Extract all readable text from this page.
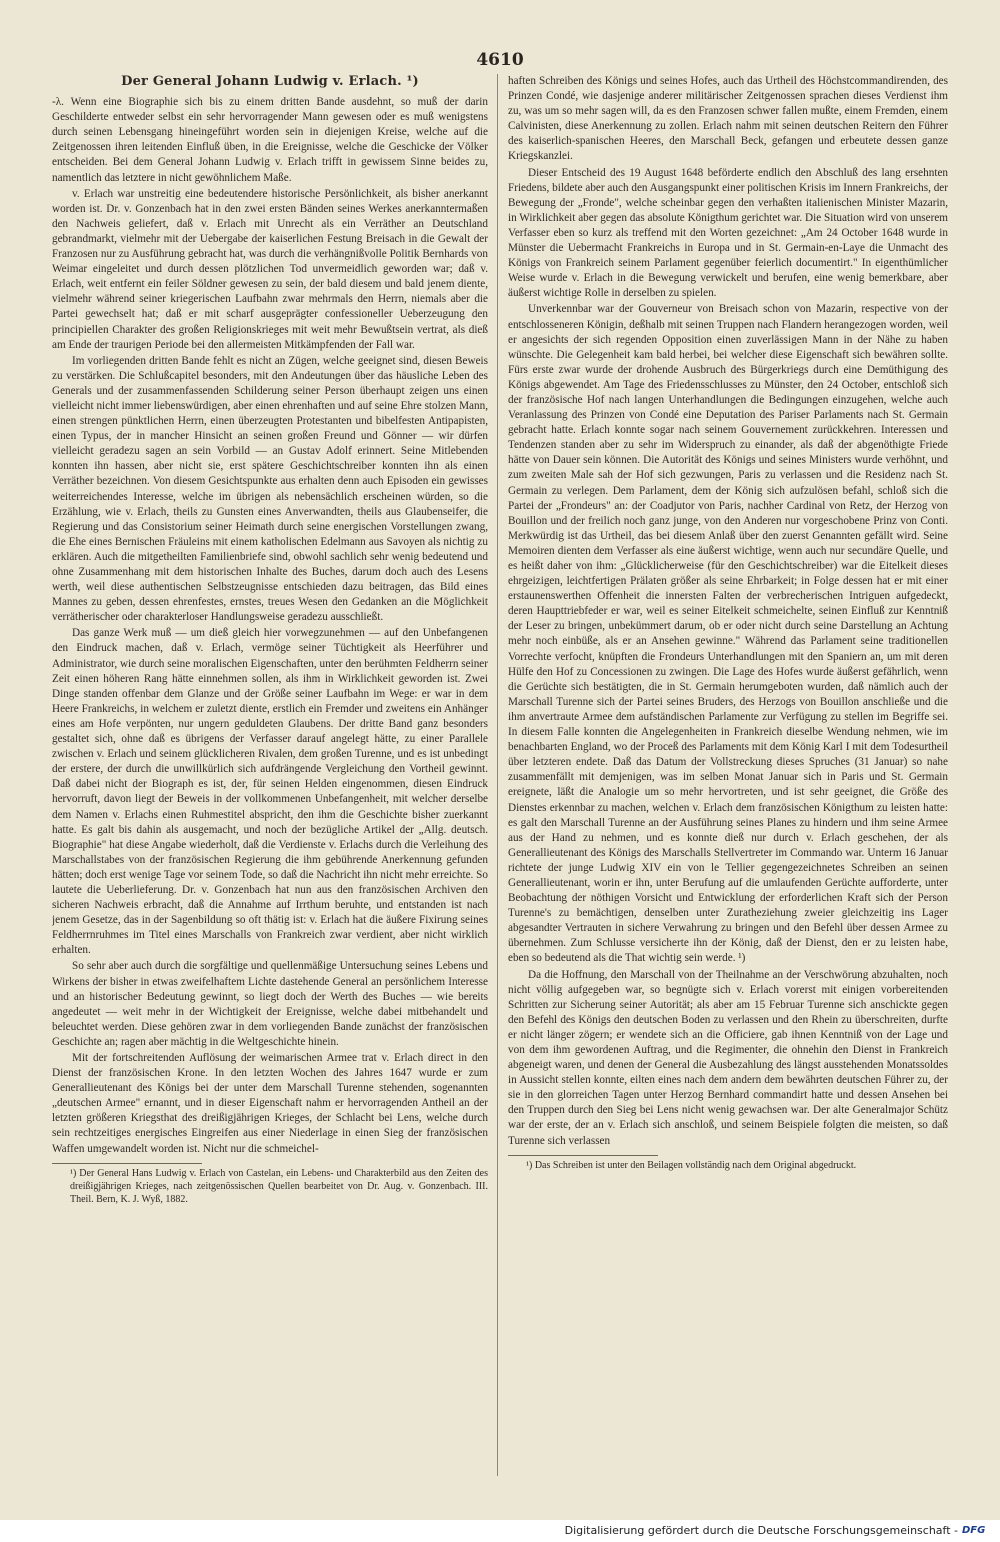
4610
Der General Johann Ludwig v. Erlach. ¹)

-λ. Wenn eine Biographie sich bis zu einem dritten Bande ausdehnt, so muß der darin Geschilderte entweder selbst ein sehr hervorragender Mann gewesen oder es muß wenigstens durch seinen Lebensgang hineingeführt worden sein in diejenigen Kreise, welche auf die Zeitgenossen ihren leitenden Einfluß üben, in die Ereignisse, welche die Geschicke der Völker entscheiden. Bei dem General Johann Ludwig v. Erlach trifft in gewissem Sinne beides zu, namentlich das letztere in nicht gewöhnlichem Maße.

v. Erlach war unstreitig eine bedeutendere historische Persönlichkeit, als bisher anerkannt worden ist. Dr. v. Gonzenbach hat in den zwei ersten Bänden seines Werkes anerkanntermaßen den Nachweis geliefert, daß v. Erlach mit Unrecht als ein Verräther an Deutschland gebrandmarkt, vielmehr mit der Uebergabe der kaiserlichen Festung Breisach in die Gewalt der Franzosen nur zu Ausführung gebracht hat, was durch die verhängnißvolle Politik Bernhards von Weimar eingeleitet und durch dessen plötzlichen Tod unvermeidlich geworden war; daß v. Erlach, weit entfernt ein feiler Söldner gewesen zu sein, der bald diesem und bald jenem diente, vielmehr während seiner kriegerischen Laufbahn zwar mehrmals den Herrn, niemals aber die Partei gewechselt hat; daß er mit scharf ausgeprägter confessioneller Ueberzeugung den principiellen Charakter des großen Religionskrieges mit weit mehr Bewußtsein vertrat, als dieß am Ende der traurigen Periode bei den allermeisten Mitkämpfenden der Fall war.

Im vorliegenden dritten Bande fehlt es nicht an Zügen, welche geeignet sind, diesen Beweis zu verstärken. Die Schlußcapitel besonders, mit den Andeutungen über das häusliche Leben des Generals und der zusammenfassenden Schilderung seiner Person überhaupt zeigen uns einen vielleicht nicht immer liebenswürdigen, aber einen ehrenhaften und auf seine Ehre stolzen Mann, einen strengen pünktlichen Herrn, einen überzeugten Protestanten und bibelfesten Antipapisten, einen Typus, der in mancher Hinsicht an seinen großen Freund und Gönner — wir dürfen vielleicht geradezu sagen an sein Vorbild — an Gustav Adolf erinnert. Seine Mitlebenden konnten ihn hassen, aber nicht sie, erst spätere Geschichtschreiber konnten ihn als einen Verräther bezeichnen. Von diesem Gesichtspunkte aus erhalten denn auch Episoden ein gewisses weiterreichendes Interesse, welche im übrigen als nebensächlich erscheinen würden, so die Erzählung, wie v. Erlach, theils zu Gunsten eines Anverwandten, theils aus Glaubenseifer, die Regierung und das Consistorium seiner Heimath durch seine energischen Vorstellungen zwang, die Ehe eines Bernischen Fräuleins mit einem katholischen Edelmann aus Savoyen als nichtig zu erklären. Auch die mitgetheilten Familienbriefe sind, obwohl sachlich sehr wenig bedeutend und ohne Zusammenhang mit dem historischen Inhalte des Buches, darum doch auch des Lesens werth, weil diese authentischen Selbstzeugnisse entschieden dazu beitragen, das Bild eines Mannes zu geben, dessen ehrenfestes, ernstes, treues Wesen den Gedanken an die Möglichkeit verrätherischer oder charakterloser Handlungsweise geradezu ausschließt.

Das ganze Werk muß — um dieß gleich hier vorwegzunehmen — auf den Unbefangenen den Eindruck machen, daß v. Erlach, vermöge seiner Tüchtigkeit als Heerführer und Administrator, wie durch seine moralischen Eigenschaften, unter den berühmten Feldherrn seiner Zeit einen höheren Rang hätte einnehmen sollen, als ihm in Wirklichkeit geworden ist. Zwei Dinge standen offenbar dem Glanze und der Größe seiner Laufbahn im Wege: er war in dem Heere Frankreichs, in welchem er zuletzt diente, erstlich ein Fremder und zweitens ein Anhänger eines am Hofe verpönten, nur ungern geduldeten Glaubens. Der dritte Band ganz besonders gestaltet sich, ohne daß es übrigens der Verfasser darauf angelegt hätte, zu einer Parallele zwischen v. Erlach und seinem glücklicheren Rivalen, dem großen Turenne, und es ist unbedingt der erstere, der durch die unwillkürlich sich aufdrängende Vergleichung den Vortheil gewinnt. Daß dabei nicht der Biograph es ist, der, für seinen Helden eingenommen, diesen Eindruck hervorruft, davon liegt der Beweis in der vollkommenen Unbefangenheit, mit welcher derselbe dem Namen v. Erlachs einen Ruhmestitel abspricht, den ihm die Geschichte bisher zuerkannt hatte. Es galt bis dahin als ausgemacht, und noch der bezügliche Artikel der „Allg. deutsch. Biographie" hat diese Angabe wiederholt, daß die Verdienste v. Erlachs durch die Verleihung des Marschallstabes von der französischen Regierung die ihm gebührende Anerkennung gefunden hätten; doch erst wenige Tage vor seinem Tode, so daß die Nachricht ihn nicht mehr erreichte. So lautete die Ueberlieferung. Dr. v. Gonzenbach hat nun aus den französischen Archiven den sicheren Nachweis erbracht, daß die Annahme auf Irrthum beruhte, und entstanden ist nach jenem Gesetze, das in der Sagenbildung so oft thätig ist: v. Erlach hat die äußere Fixirung seines Feldherrnruhmes im Titel eines Marschalls von Frankreich zwar verdient, aber nicht wirklich erhalten.

So sehr aber auch durch die sorgfältige und quellenmäßige Untersuchung seines Lebens und Wirkens der bisher in etwas zweifelhaftem Lichte dastehende General an persönlichem Interesse und an historischer Bedeutung gewinnt, so liegt doch der Werth des Buches — wie bereits angedeutet — weit mehr in der Wichtigkeit der Ereignisse, welche dabei mitbehandelt und beleuchtet werden. Diese gehören zwar in dem vorliegenden Bande zunächst der französischen Geschichte an; ragen aber mächtig in die Weltgeschichte hinein.

Mit der fortschreitenden Auflösung der weimarischen Armee trat v. Erlach direct in den Dienst der französischen Krone. In den letzten Wochen des Jahres 1647 wurde er zum Generallieutenant des Königs bei der unter dem Marschall Turenne stehenden, sogenannten „deutschen Armee" ernannt, und in dieser Eigenschaft nahm er hervorragenden Antheil an der letzten größeren Kriegsthat des dreißigjährigen Krieges, der Schlacht bei Lens, welche durch sein rechtzeitiges energisches Eingreifen aus einer Niederlage in einen Sieg der französischen Waffen umgewandelt worden ist. Nicht nur die schmeichel-

¹) Der General Hans Ludwig v. Erlach von Castelan, ein Lebens- und Charakterbild aus den Zeiten des dreißigjährigen Krieges, nach zeitgenössischen Quellen bearbeitet von Dr. Aug. v. Gonzenbach. III. Theil. Bern, K. J. Wyß, 1882.

haften Schreiben des Königs und seines Hofes, auch das Urtheil des Höchstcommandirenden, des Prinzen Condé, wie dasjenige anderer militärischer Zeitgenossen sprachen dieses Verdienst ihm zu, was um so mehr sagen will, da es den Franzosen schwer fallen mußte, einem Fremden, einem Calvinisten, diese Anerkennung zu zollen. Erlach nahm mit seinen deutschen Reitern den Führer des kaiserlich-spanischen Heeres, den Marschall Beck, gefangen und erbeutete dessen ganze Kriegskanzlei.

Dieser Entscheid des 19 August 1648 beförderte endlich den Abschluß des lang ersehnten Friedens, bildete aber auch den Ausgangspunkt einer politischen Krisis im Innern Frankreichs, der Bewegung der „Fronde", welche scheinbar gegen den verhaßten italienischen Minister Mazarin, in Wirklichkeit aber gegen das absolute Königthum gerichtet war. Die Situation wird von unserem Verfasser eben so kurz als treffend mit den Worten gezeichnet: „Am 24 October 1648 wurde in Münster die Uebermacht Frankreichs in Europa und in St. Germain-en-Laye die Unmacht des Königs von Frankreich seinem Parlament gegenüber feierlich documentirt." In eigenthümlicher Weise wurde v. Erlach in die Bewegung verwickelt und berufen, eine wenig bemerkbare, aber äußerst wichtige Rolle in derselben zu spielen.

Unverkennbar war der Gouverneur von Breisach schon von Mazarin, respective von der entschlosseneren Königin, deßhalb mit seinen Truppen nach Flandern herangezogen worden, weil er angesichts der sich regenden Opposition einen zuverlässigen Mann in der Nähe zu haben wünschte. Die Gelegenheit kam bald herbei, bei welcher diese Eigenschaft sich bewähren sollte. Fürs erste zwar wurde der drohende Ausbruch des Bürgerkriegs durch eine Demüthigung des Königs abgewendet. Am Tage des Friedensschlusses zu Münster, den 24 October, entschloß sich der französische Hof nach langen Unterhandlungen die Bedingungen einzugehen, welche auch Veranlassung des Prinzen von Condé eine Deputation des Pariser Parlaments nach St. Germain gebracht hatte. Erlach konnte sogar nach seinem Gouvernement zurückkehren. Interessen und Tendenzen standen aber zu sehr im Widerspruch zu einander, als daß der abgenöthigte Friede hätte von Dauer sein können. Die Autorität des Königs und seines Ministers wurde verhöhnt, und zum zweiten Male sah der Hof sich gezwungen, Paris zu verlassen und die Residenz nach St. Germain zu verlegen. Dem Parlament, dem der König sich aufzulösen befahl, schloß sich die Partei der „Frondeurs" an: der Coadjutor von Paris, nachher Cardinal von Retz, der Herzog von Bouillon und der freilich noch ganz junge, von den Anderen nur vorgeschobene Prinz von Conti. Merkwürdig ist das Urtheil, das bei diesem Anlaß über den zuerst Genannten gefällt wird. Seine Memoiren dienten dem Verfasser als eine äußerst wichtige, wenn auch nur secundäre Quelle, und es heißt daher von ihm: „Glücklicherweise (für den Geschichtschreiber) war die Eitelkeit dieses ehrgeizigen, leichtfertigen Prälaten größer als seine Ehrbarkeit; in Folge dessen hat er mit einer erstaunenswerthen Offenheit die innersten Falten der verbrecherischen Intriguen aufgedeckt, deren Haupttriebfeder er war, weil es seiner Eitelkeit schmeichelte, seinen Einfluß zur Kenntniß der Leser zu bringen, unbekümmert darum, ob er oder nicht durch seine Darstellung an Achtung mehr noch einbüße, als er an Ansehen gewinne." Während das Parlament seine traditionellen Vorrechte verfocht, knüpften die Frondeurs Unterhandlungen mit den Spaniern an, um mit deren Hülfe den Hof zu Concessionen zu zwingen. Die Lage des Hofes wurde äußerst gefährlich, wenn die Gerüchte sich bestätigten, die in St. Germain herumgeboten wurden, daß nämlich auch der Marschall Turenne sich der Partei seines Bruders, des Herzogs von Bouillon anschließe und die ihm anvertraute Armee dem aufständischen Parlamente zur Verfügung zu stellen im Begriffe sei. In diesem Falle konnten die Angelegenheiten in Frankreich dieselbe Wendung nehmen, wie im benachbarten England, wo der Proceß des Parlaments mit dem König Karl I mit dem Todesurtheil über letzteren endete. Daß das Datum der Vollstreckung dieses Spruches (31 Januar) so nahe zusammenfällt mit demjenigen, was im selben Monat Januar sich in Paris und St. Germain ereignete, läßt die Analogie um so mehr hervortreten, und ist sehr geeignet, die Größe des Dienstes erkennbar zu machen, welchen v. Erlach dem französischen Königthum zu leisten hatte: es galt den Marschall Turenne an der Ausführung seines Planes zu hindern und ihm seine Armee aus der Hand zu nehmen, und es konnte dieß nur durch v. Erlach geschehen, der als Generallieutenant des Königs des Marschalls Stellvertreter im Commando war. Unterm 16 Januar richtete der junge Ludwig XIV ein von le Tellier gegengezeichnetes Schreiben an seinen Generallieutenant, worin er ihn, unter Berufung auf die umlaufenden Gerüchte aufforderte, unter Beobachtung der nöthigen Vorsicht und Entwicklung der erforderlichen Kraft sich der Person Turenne's zu bemächtigen, denselben unter Zuratheziehung zweier gleichzeitig ins Lager abgesandter Vertrauten in sichere Verwahrung zu bringen und den Befehl über dessen Armee zu übernehmen. Zum Schlusse versicherte ihn der König, daß der Dienst, den er zu leisten habe, eben so bedeutend als die That wichtig sein werde. ¹)

Da die Hoffnung, den Marschall von der Theilnahme an der Verschwörung abzuhalten, noch nicht völlig aufgegeben war, so begnügte sich v. Erlach vorerst mit einigen vorbereitenden Schritten zur Sicherung seiner Autorität; als aber am 15 Februar Turenne sich anschickte gegen den Befehl des Königs den deutschen Boden zu verlassen und den Rhein zu überschreiten, durfte er nicht länger zögern; er wendete sich an die Officiere, gab ihnen Kenntniß von der Lage und von dem ihm gewordenen Auftrag, und die Regimenter, die ohnehin den Dienst in Frankreich abgeneigt waren, und denen der General die Ausbezahlung des längst ausstehenden Monatssoldes in Aussicht stellen konnte, eilten eines nach dem andern dem bewährten deutschen Führer zu, der sie in den glorreichen Tagen unter Herzog Bernhard commandirt hatte und dessen Ansehen bei den Truppen durch den Sieg bei Lens nicht wenig gewachsen war. Der alte Generalmajor Schütz war der erste, der an v. Erlach sich anschloß, und seinem Beispiele folgten die meisten, so daß Turenne sich verlassen

¹) Das Schreiben ist unter den Beilagen vollständig nach dem Original abgedruckt.

Digitalisierung gefördert durch die Deutsche Forschungsgemeinschaft - DFG
